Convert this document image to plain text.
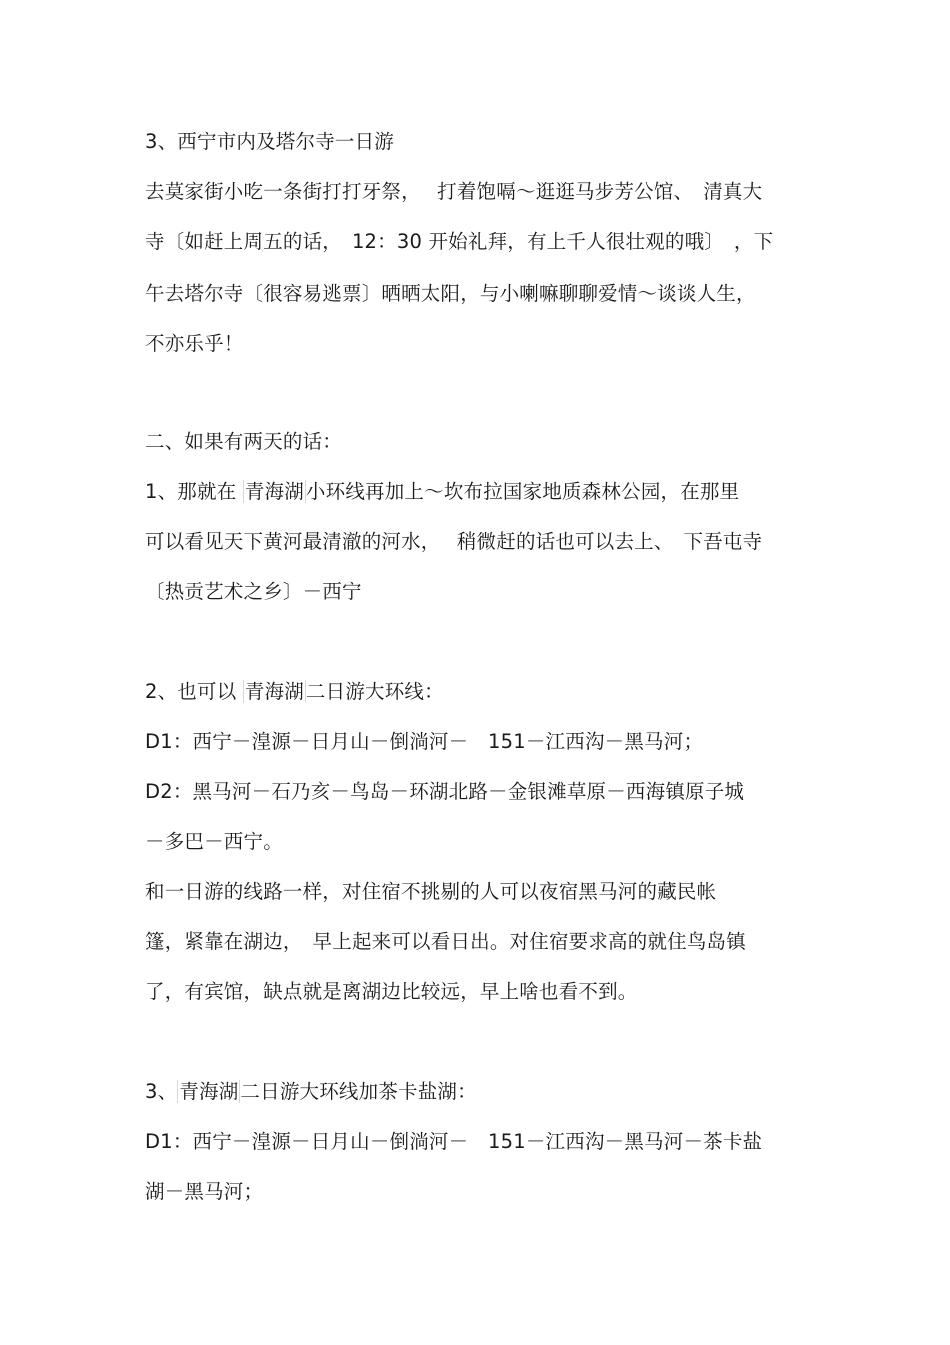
3、西宁市内及塔尔寺一日游
去莫家街小吃一条街打打牙祭，　 打着饱嗝～逛逛马步芳公馆、　清真大
寺〔如赶上周五的话，　12：30 开始礼拜，有上千人很壮观的哦〕　，下
午去塔尔寺〔很容易逃票〕晒晒太阳，与小喇嘛聊聊爱情～谈谈人生，
不亦乐乎！
二、如果有两天的话：
1、那就在 青海湖 小环线再加上～坎布拉国家地质森林公园，在那里
可以看见天下黄河最清澈的河水，　 稍微赶的话也可以去上、　下吾屯寺
〔热贡艺术之乡〕－西宁
2、也可以 青海湖 二日游大环线：
D1：西宁－湟源－日月山－倒淌河－　151－江西沟－黑马河；
D2：黑马河－石乃亥－鸟岛－环湖北路－金银滩草原－西海镇原子城
－多巴－西宁。
和一日游的线路一样，对住宿不挑剔的人可以夜宿黑马河的藏民帐
篷，紧靠在湖边，　早上起来可以看日出。对住宿要求高的就住鸟岛镇
了，有宾馆，缺点就是离湖边比较远，早上啥也看不到。
3、 青海湖 二日游大环线加茶卡盐湖：
D1：西宁－湟源－日月山－倒淌河－　151－江西沟－黑马河－茶卡盐
湖－黑马河；
